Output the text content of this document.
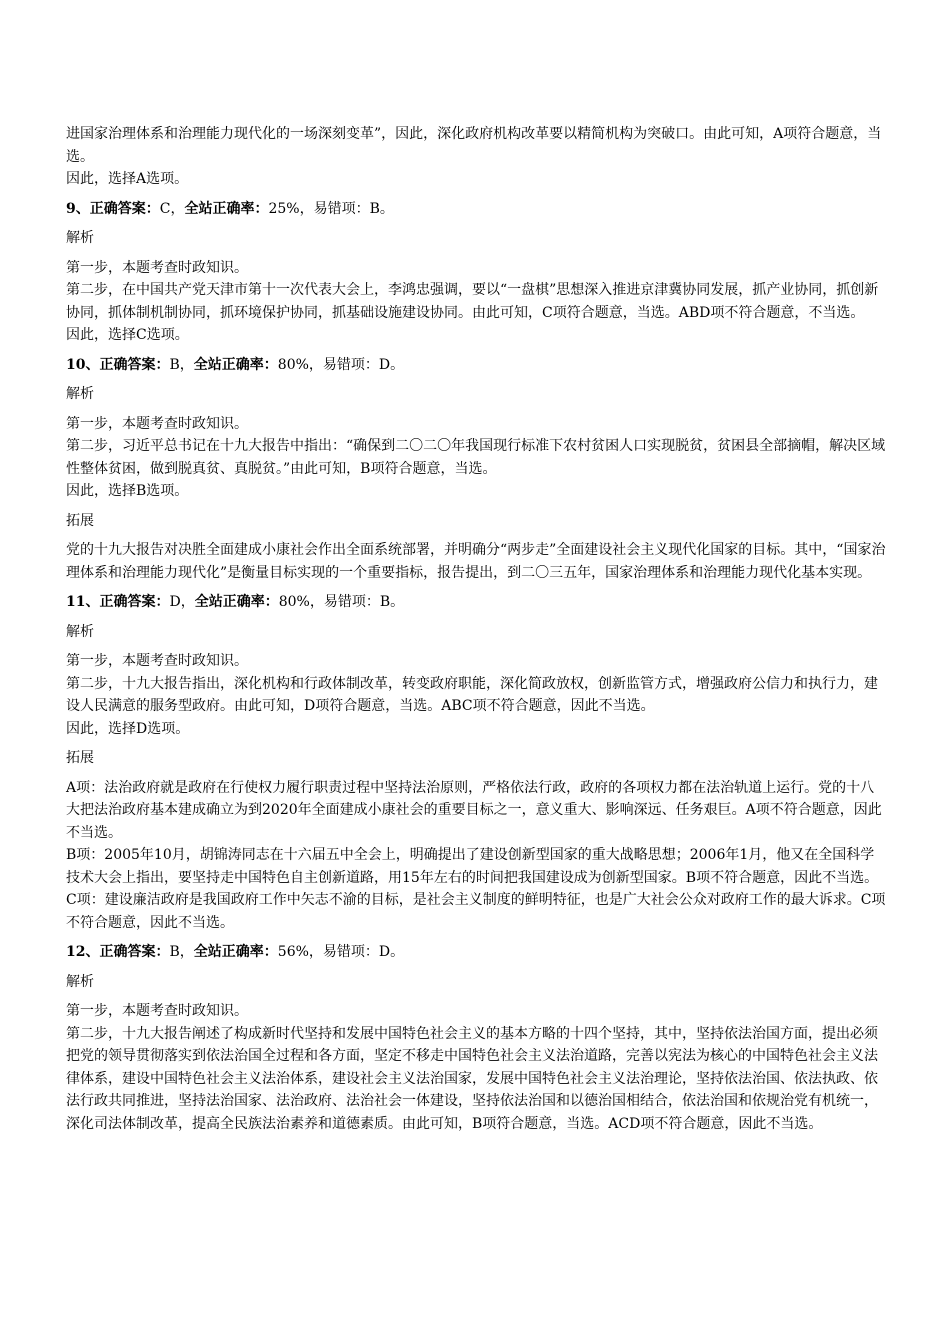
进国家治理体系和治理能力现代化的一场深刻变革”，因此，深化政府机构改革要以精简机构为突破口。由此可知，A项符合题意，当选。

因此，选择A选项。

9、正确答案：C，全站正确率：25%，易错项：B。

解析

第一步，本题考查时政知识。

第二步，在中国共产党天津市第十一次代表大会上，李鸿忠强调，要以“一盘棋”思想深入推进京津冀协同发展，抓产业协同，抓创新协同，抓体制机制协同，抓环境保护协同，抓基础设施建设协同。由此可知，C项符合题意，当选。ABD项不符合题意，不当选。

因此，选择C选项。

10、正确答案：B，全站正确率：80%，易错项：D。

解析

第一步，本题考查时政知识。

第二步，习近平总书记在十九大报告中指出：“确保到二〇二〇年我国现行标准下农村贫困人口实现脱贫，贫困县全部摘帽，解决区域性整体贫困，做到脱真贫、真脱贫。”由此可知，B项符合题意，当选。

因此，选择B选项。

拓展

党的十九大报告对决胜全面建成小康社会作出全面系统部署，并明确分“两步走”全面建设社会主义现代化国家的目标。其中，“国家治理体系和治理能力现代化”是衡量目标实现的一个重要指标，报告提出，到二〇三五年，国家治理体系和治理能力现代化基本实现。

11、正确答案：D，全站正确率：80%，易错项：B。

解析

第一步，本题考查时政知识。

第二步，十九大报告指出，深化机构和行政体制改革，转变政府职能，深化简政放权，创新监管方式，增强政府公信力和执行力，建设人民满意的服务型政府。由此可知，D项符合题意，当选。ABC项不符合题意，因此不当选。

因此，选择D选项。

拓展

A项：法治政府就是政府在行使权力履行职责过程中坚持法治原则，严格依法行政，政府的各项权力都在法治轨道上运行。党的十八大把法治政府基本建成确立为到2020年全面建成小康社会的重要目标之一，意义重大、影响深远、任务艰巨。A项不符合题意，因此不当选。

B项：2005年10月，胡锦涛同志在十六届五中全会上，明确提出了建设创新型国家的重大战略思想；2006年1月，他又在全国科学技术大会上指出，要坚持走中国特色自主创新道路，用15年左右的时间把我国建设成为创新型国家。B项不符合题意，因此不当选。

C项：建设廉洁政府是我国政府工作中矢志不渝的目标，是社会主义制度的鲜明特征，也是广大社会公众对政府工作的最大诉求。C项不符合题意，因此不当选。

12、正确答案：B，全站正确率：56%，易错项：D。

解析

第一步，本题考查时政知识。

第二步，十九大报告阐述了构成新时代坚持和发展中国特色社会主义的基本方略的十四个坚持，其中，坚持依法治国方面，提出必须把党的领导贯彻落实到依法治国全过程和各方面，坚定不移走中国特色社会主义法治道路，完善以宪法为核心的中国特色社会主义法律体系，建设中国特色社会主义法治体系，建设社会主义法治国家，发展中国特色社会主义法治理论，坚持依法治国、依法执政、依法行政共同推进，坚持法治国家、法治政府、法治社会一体建设，坚持依法治国和以德治国相结合，依法治国和依规治党有机统一，深化司法体制改革，提高全民族法治素养和道德素质。由此可知，B项符合题意，当选。ACD项不符合题意，因此不当选。
